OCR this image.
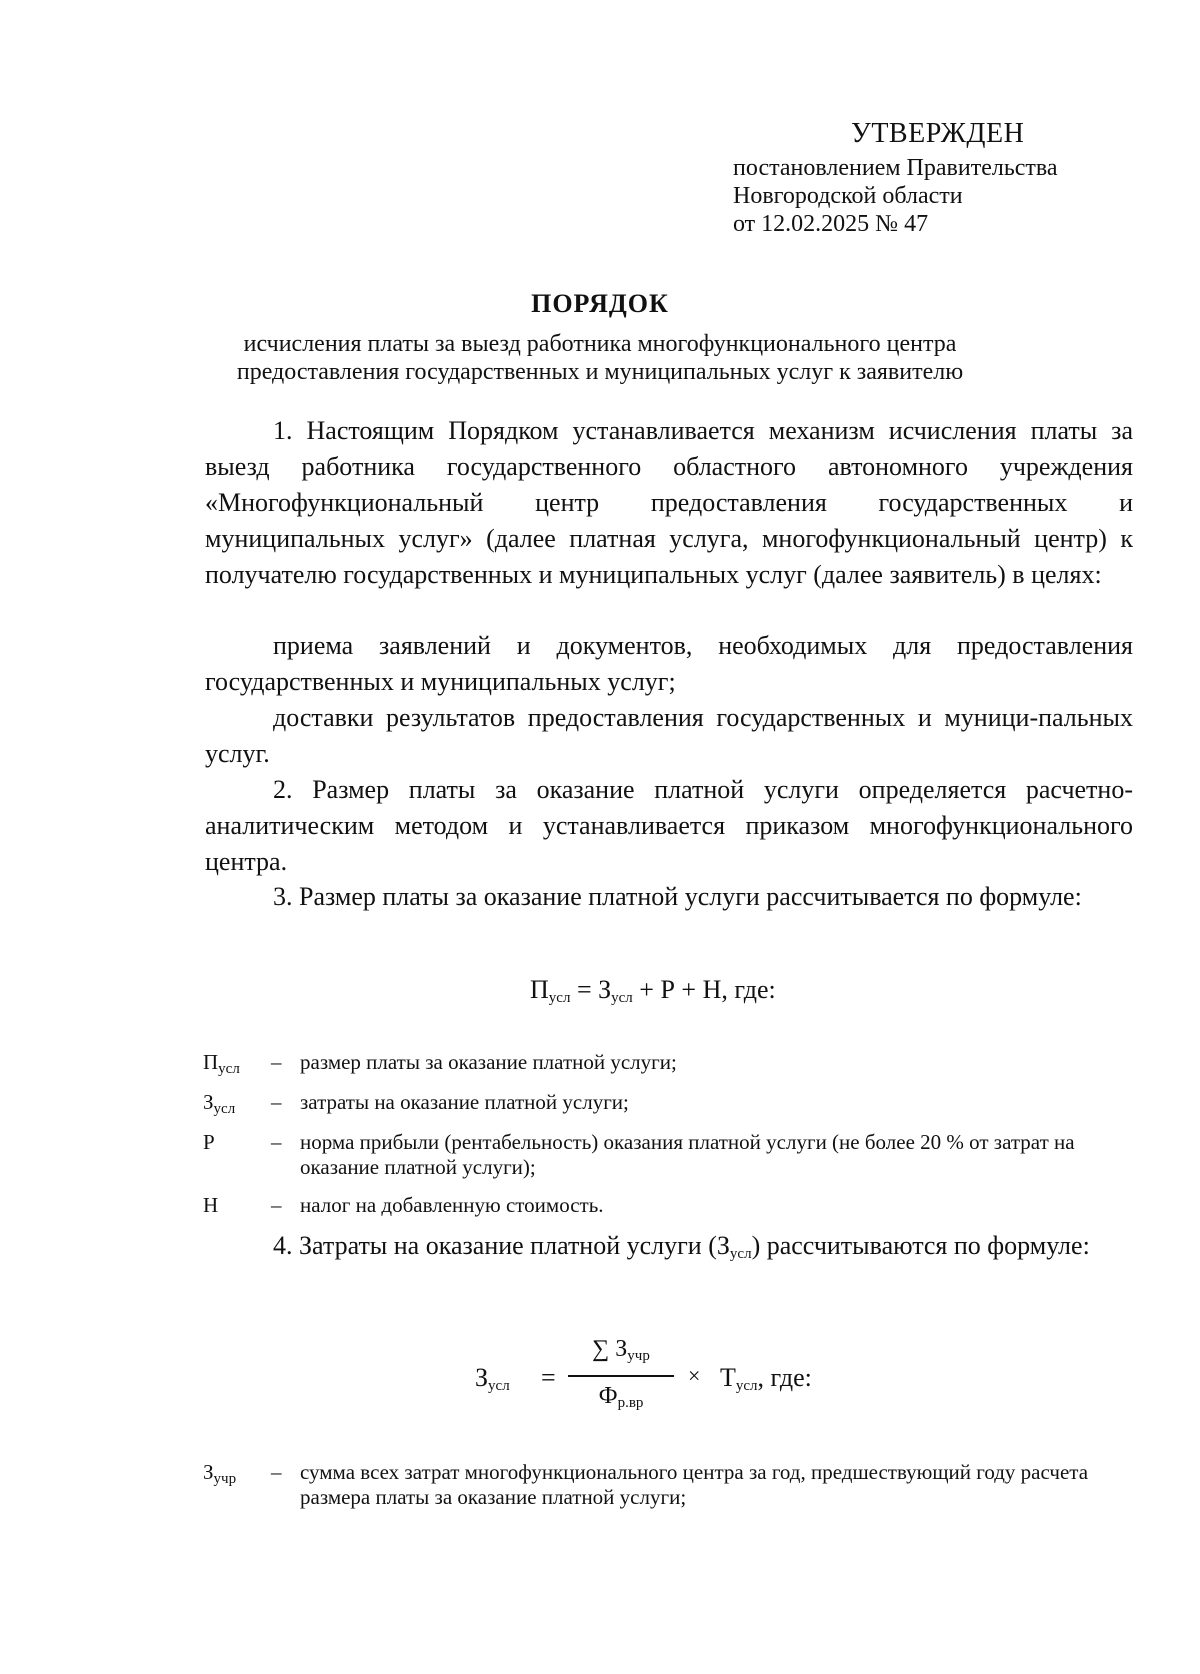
УТВЕРЖДЕН
постановлением Правительства
Новгородской области
от 12.02.2025 № 47
ПОРЯДОК
исчисления платы за выезд работника многофункционального центра
предоставления государственных и муниципальных услуг к заявителю
1. Настоящим Порядком устанавливается механизм исчисления платы за выезд работника государственного областного автономного учреждения «Многофункциональный центр предоставления государственных и муниципальных услуг» (далее платная услуга, многофункциональный центр) к получателю государственных и муниципальных услуг (далее заявитель) в целях:
приема заявлений и документов, необходимых для предоставления государственных и муниципальных услуг;
доставки результатов предоставления государственных и муници-пальных услуг.
2. Размер платы за оказание платной услуги определяется расчетно-аналитическим методом и устанавливается приказом многофункционального центра.
3. Размер платы за оказание платной услуги рассчитывается по формуле:
$П_{усл} = З_{усл} + Р + Н$, где:
$П_{усл}$	– размер платы за оказание платной услуги;
$З_{усл}$	– затраты на оказание платной услуги;
Р	– норма прибыли (рентабельность) оказания платной услуги (не более 20 % от затрат на оказание платной услуги);
Н	– налог на добавленную стоимость.
4. Затраты на оказание платной услуги $(З_{усл})$ рассчитываются по формуле:
$З_{усл}$ =
∑ $З_{учр}$
$Ф_{р.вр}$
× $Т_{усл}$, где:
$З_{учр}$	– сумма всех затрат многофункционального центра за год, предшествующий году расчета размера платы за оказание платной услуги;
